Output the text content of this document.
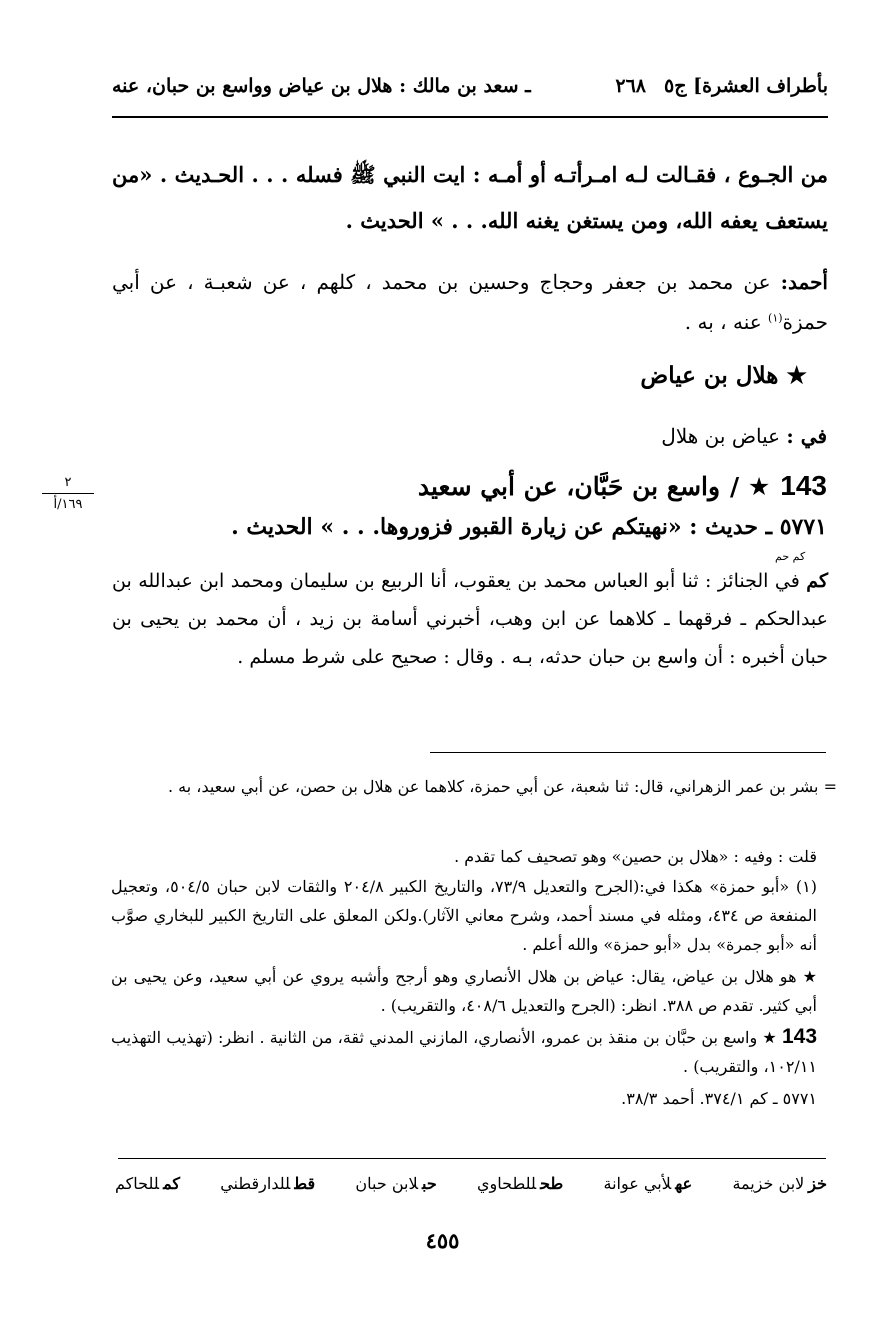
بأطراف العشرة] ج٥
٢٦٨
ـ سعد بن مالك : هلال بن عياض وواسع بن حبان، عنه
من الجـوع ، فقـالت لـه امـرأتـه أو أمـه : ايت النبي ﷺ فسله . . . الحـديث . «من يستعف يعفه الله، ومن يستغن يغنه الله. . . » الحديث .
أحمد: عن محمد بن جعفر وحجاج وحسين بن محمد ، كلهم ، عن شعبـة ، عن أبي حمزة$^{(١)}$ عنه ، به .
★ هلال بن عياض
في : عياض بن هلال
٢
١٦٩/أ
143
★ /
واسع بن حَبَّان، عن أبي سعيد
٥٧٧١ ـ حديث : «نهيتكم عن زيارة القبور فزوروها. . . » الحديث .
كم حم
كم في الجنائز : ثنا أبو العباس محمد بن يعقوب، أنا الربيع بن سليمان ومحمد ابن عبدالله بن عبدالحكم ـ فرقهما ـ كلاهما عن ابن وهب، أخبرني أسامة بن زيد ، أن محمد بن يحيى بن حبان أخبره : أن واسع بن حبان حدثه، بـه . وقال : صحيح على شرط مسلم .
= بشر بن عمر الزهراني، قال: ثنا شعبة، عن أبي حمزة، كلاهما عن هلال بن حصن، عن أبي سعيد، به .
قلت : وفيه : «هلال بن حصين» وهو تصحيف كما تقدم .
(١) «أبو حمزة» هكذا في:(الجرح والتعديل ٧٣/٩، والتاريخ الكبير ٢٠٤/٨ والثقات لابن حبان ٥٠٤/٥، وتعجيل المنفعة ص ٤٣٤، ومثله في مسند أحمد، وشرح معاني الآثار).ولكن المعلق على التاريخ الكبير للبخاري صوَّب أنه «أبو جمرة» بدل «أبو حمزة» والله أعلم .
★ هو هلال بن عياض، يقال: عياض بن هلال الأنصاري وهو أرجح وأشبه يروي عن أبي سعيد، وعن يحيى بن أبي كثير. تقدم ص ٣٨٨. انظر: (الجرح والتعديل ٤٠٨/٦، والتقريب) .
143 ★ واسع بن حبَّان بن منقذ بن عمرو، الأنصاري، المازني المدني ثقة، من الثانية . انظر: (تهذيب التهذيب ١٠٢/١١، والتقريب) .
٥٧٧١ ـ كم ٣٧٤/١. أحمد ٣٨/٣.
خزلابن خزيمة
عهلأبي عوانة
طحللطحاوي
حبلابن حبان
قطللدارقطني
كمللحاكم
٤٥٥
